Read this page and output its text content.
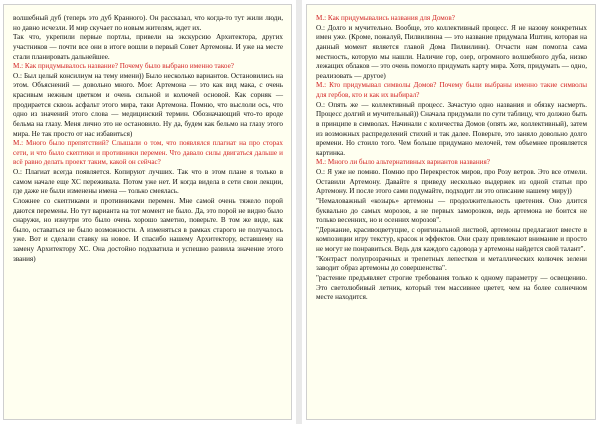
волшебный дуб (теперь это дуб Кранного). Он рассказал, что когда-то тут жили люди, но давно исчезли. И мир скучает по новым жителям, ждет их.

Так что, укрепили первые портлы, привели на экскурсию Архитектора, других участников — почти все они в итоге вошли в первый Совет Артемоны. И уже на месте стали планировать дальнейшее.

М.: Как придумывалось название? Почему было выбрано именно такое?

О.: Был целый консилиум на тему имени)) Было несколько вариантов. Остановились на этом. Объяснений — довольно много. Мое: Артемона — это как вид мака, с очень красивым нежным цветком и очень сильной и колючей основой. Как сорняк — продирается сквозь асфальт этого мира, таки Артемона. Помню, что выслоли ось, что одно из значений этого слова — медицинский термин. Обозначающий что-то вроде бельма на глазу. Меня лично это не остановило. Ну да, будем как бельмо на глазу этого мира. Не так просто от нас избавиться)

М.: Много было препятствий? Слышали о том, что появлялся плагиат на про сторах сети, и что было скептики и противники перемен. Что давало силы двигаться дальше и всё равно делать проект таким, какой он сейчас?

О.: Плагиат всегда появляется. Копируют лучших. Так что в этом плане я только в самом начале еще ХС переживала. Потом уже нет. И когда видела в сети свои лекции, где даже не были изменены имена — только смеялась.

Сложнее со скептиками и противниками перемен. Мне самой очень тяжело порой даются перемены. Но тут варианта на тот момент не было. Да, это порой не видно было снаружи, но изнутри это было очень хорошо заметно, поверьте. В том же виде, как было, оставаться не было возможности. А изменяться в рамках старого не получалось уже. Вот и сделали ставку на новое. И спасибо нашему Архитектору, вставшему на замену Архитектору ХС. Она достойно подхватила и успешно развила значение этого звания)

М.: Как придумывались названия для Домов?

О.: Долго и мучительно. Вообще, это коллективный процесс. Я не назову конкретных имен уже. (Кроме, пожалуй, Пилвилинна — это название придумала Иштин, которая на данный момент является главой Дома Пилвилинн). Отчасти нам помогла сама местность, которую мы нашли. Наличие гор, озер, огромного волшебного дуба, низко лежащих облаков — это очень помогло придумать карту мира. Хотя, придумать — одно, реализовать — другое)

М.: Кто придумывал символы Домов? Почему были выбраны именно такие символы для гербов, кто и как их выбирал?

О.: Опять же — коллективный процесс. Зачастую одно названия и обязку насмерть. Процесс долгий и мучительный)) Сначала придумали по сути таблицу, что должно быть в принципе в символах. Начинали с количества Домов (опять же, коллективный), затем из возможных распределений стихий и так далее. Поверьте, это заняло довольно долго времени. Но стоило того. Чем больше придумано мелочей, тем объемнее проявляется картинка.

М.: Много ли было альтернативных вариантов названия?

О.: Я уже не помню. Помню про Перекресток миров, про Розу ветров. Это все отмели. Оставили Артемону. Давайте я приведу несколько выдержек из одной статьи про Артемону. И после этого сами подумайте, подходит ли это описание нашему миру))

"Немаловажный «козырь» артемоны — продолжительность цветения. Оно длится буквально до самых морозов, а не первых заморозков, ведь артемона не боится не только весенних, но и осенних морозов".

"Держание, красивоцветущие, с оригинальной листвой, артемоны предлагают вместе в композиции игру текстур, красок и эффектов. Они сразу привлекают внимание и просто не могут не понравиться. Ведь для каждого садовода у артемоны найдется свой талант".

"Контраст полупрозрачных и трепетных лепестков и металлических колючек зелени заводит образ артемоны до совершенства".

"растение предъявляет строгие требования только к одному параметру — освещению. Это светолюбивый летник, который тем массивнее цветет, чем на более солнечном месте находится.
